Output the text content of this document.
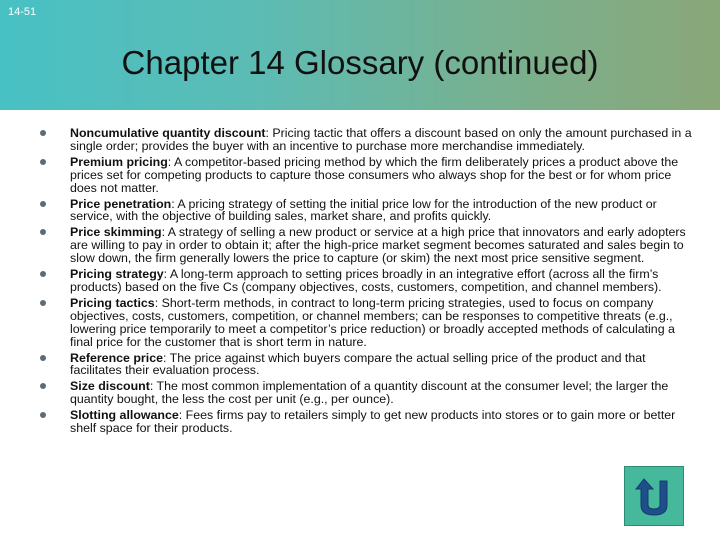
14-51
Chapter 14 Glossary (continued)
Noncumulative quantity discount: Pricing tactic that offers a discount based on only the amount purchased in a single order; provides the buyer with an incentive to purchase more merchandise immediately.
Premium pricing: A competitor-based pricing method by which the firm deliberately prices a product above the prices set for competing products to capture those consumers who always shop for the best or for whom price does not matter.
Price penetration: A pricing strategy of setting the initial price low for the introduction of the new product or service, with the objective of building sales, market share, and profits quickly.
Price skimming: A strategy of selling a new product or service at a high price that innovators and early adopters are willing to pay in order to obtain it; after the high-price market segment becomes saturated and sales begin to slow down, the firm generally lowers the price to capture (or skim) the next most price sensitive segment.
Pricing strategy: A long-term approach to setting prices broadly in an integrative effort (across all the firm’s products) based on the five Cs (company objectives, costs, customers, competition, and channel members).
Pricing tactics: Short-term methods, in contract to long-term pricing strategies, used to focus on company objectives, costs, customers, competition, or channel members; can be responses to competitive threats (e.g., lowering price temporarily to meet a competitor’s price reduction) or broadly accepted methods of calculating a final price for the customer that is short term in nature.
Reference price: The price against which buyers compare the actual selling price of the product and that facilitates their evaluation process.
Size discount: The most common implementation of a quantity discount at the consumer level; the larger the quantity bought, the less the cost per unit (e.g., per ounce).
Slotting allowance: Fees firms pay to retailers simply to get new products into stores or to gain more or better shelf space for their products.
